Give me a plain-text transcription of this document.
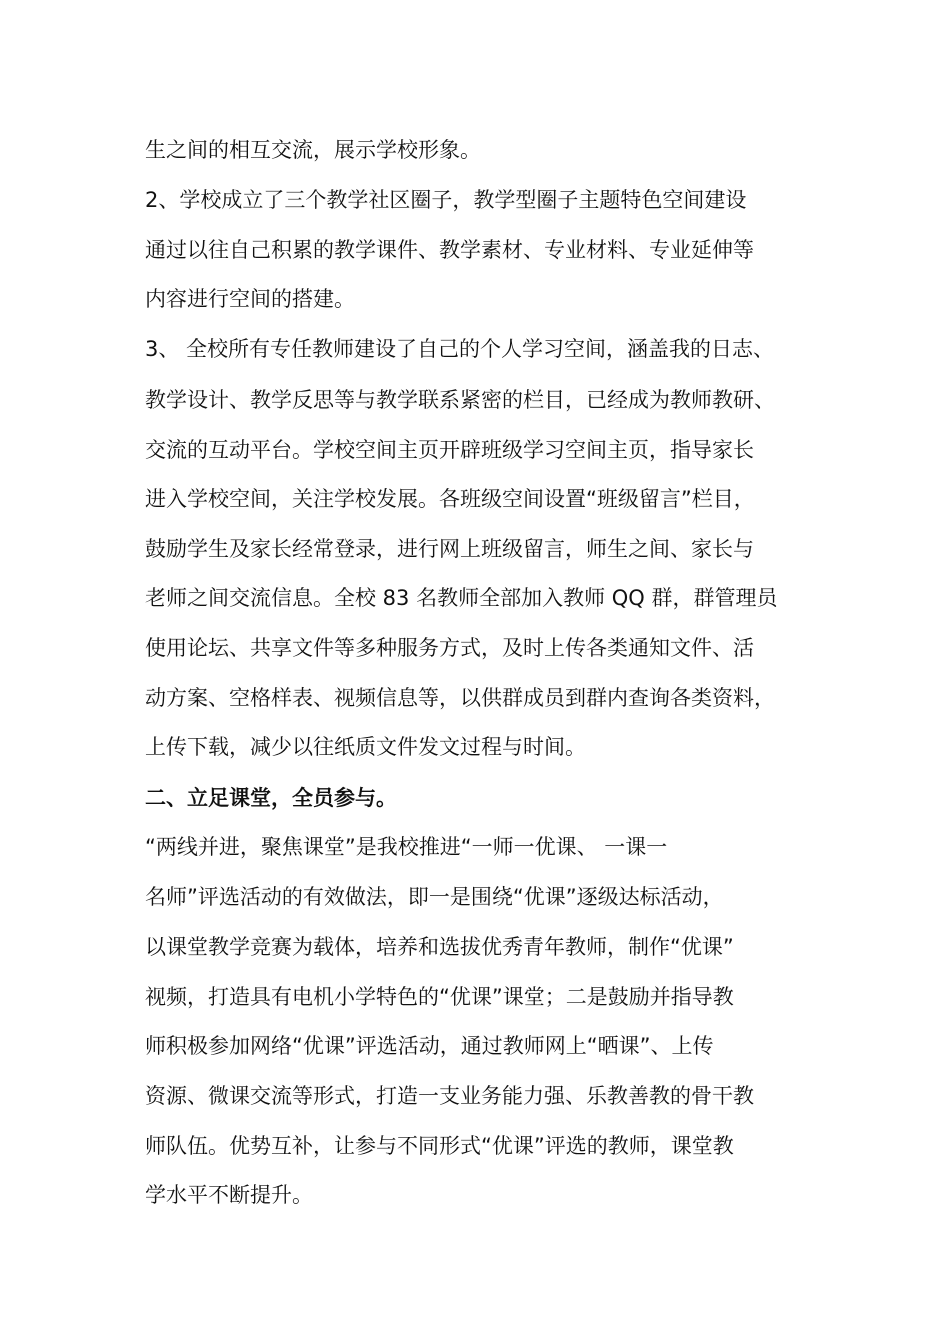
生之间的相互交流，展示学校形象。
2、学校成立了三个教学社区圈子，教学型圈子主题特色空间建设
通过以往自己积累的教学课件、教学素材、专业材料、专业延伸等
内容进行空间的搭建。
3、 全校所有专任教师建设了自己的个人学习空间，涵盖我的日志、
教学设计、教学反思等与教学联系紧密的栏目，已经成为教师教研、
交流的互动平台。学校空间主页开辟班级学习空间主页，指导家长
进入学校空间，关注学校发展。各班级空间设置“班级留言”栏目，
鼓励学生及家长经常登录，进行网上班级留言，师生之间、家长与
老师之间交流信息。全校 83 名教师全部加入教师 QQ 群，群管理员
使用论坛、共享文件等多种服务方式，及时上传各类通知文件、活
动方案、空格样表、视频信息等，以供群成员到群内查询各类资料，
上传下载，减少以往纸质文件发文过程与时间。
二、立足课堂，全员参与。
“两线并进，聚焦课堂”是我校推进“一师一优课、 一课一
名师”评选活动的有效做法，即一是围绕“优课”逐级达标活动，
以课堂教学竞赛为载体，培养和选拔优秀青年教师，制作“优课”
视频，打造具有电机小学特色的“优课”课堂；二是鼓励并指导教
师积极参加网络“优课”评选活动，通过教师网上“晒课”、上传
资源、微课交流等形式，打造一支业务能力强、乐教善教的骨干教
师队伍。优势互补，让参与不同形式“优课”评选的教师，课堂教
学水平不断提升。
